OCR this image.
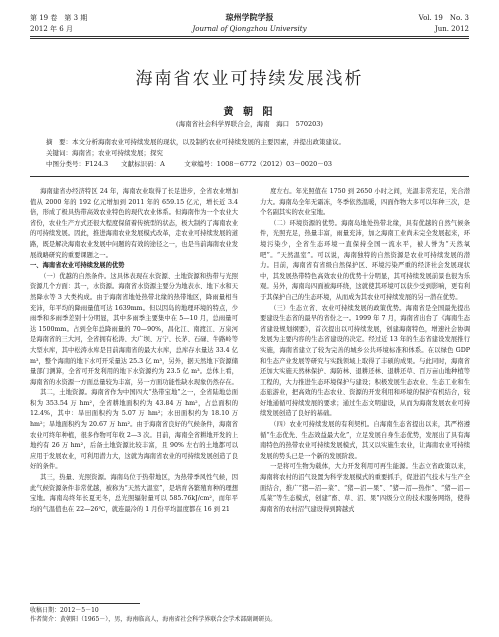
第 19 卷　第 3 期	琼州学院学报	Vol. 19　No. 3
2012 年 6 月	Journal of Qiongzhou University	Jun. 2012
海南省农业可持续发展浅析
黄 朝 阳
(海南省社会科学界联合会，海南　海口　570203)
摘　要：本文分析海南农业可持续发展的现状，以及制约农业可持续发展的主要因素，并提出政策建议。
关键词：海南省；农业可持续发展；探究
中图分类号：F124.3　　文献标识码：A　　　文章编号：1008－6772（2012）03－0020－03

海南建省办经济特区 24 年，海南农业取得了长足进步，全省农业增加值从 2000 年的 192 亿元增加到 2011 年的 659.15 亿元，增长近 3.4 倍，形成了极具热带高效农业特色的现代农业体系。但海南作为一个农业大省份，农业生产方式还很大程度保留着传统型的状态，极大制约了海南农业的可持续发展。因此，推进海南农业发展模式改革，走农业可持续发展的道路，既是解决海南农业发展中问题的有效的途径之一，也是当前海南农业发展战略研究的重要课题之一。

一、海南省农业可持续发展的优势

（一）优越的自然条件。这具体表现在水资源、土地资源和热带与光照资源几个方面：其一，水资源。海南省水资源主要分为地表水、地下水和天然降水等 3 大类构成。由于海南省地处热带北缘的热带地区，降雨量相当充沛，年平均的降雨量值可达 1639mm。但以因岛的地理环境的特点，少雨季和多雨季差别十分明显，其中多雨季主要集中在 5—10 月，总雨量可达 1500mm。占到全年总降雨量的 70—90%，昌化江、南渡江、万泉河是海南省的三大河，全省拥有松涛、大广坝、万宁、长茅、石碌、牛路岭等大型水库，其中松涛水库是目前海南省的最大水库，总库存水量达 33.4 亿 m³，整个海南的地下水可开采量达 25.3 亿 m³，另外，据天然地下资源储量部门测算，全省可开发利用的地下水资源约为 23.5 亿 m³。总体上看，海南省的水资源一方面总量较为丰富，另一方面功能性缺水现象仍然存在。

其二，土地资源。海南省作为中国四大“热带宝地”之一，全省陆地总面积为 353.54 万 hm²，全省耕地面积约为 43.84 万 hm²，占总面积的 12.4%，其中：旱田面积约为 5.07 万 hm²；水田面积约为 18.10 万 hm²；旱地面积约为 20.67 万 hm²。由于海南省良好的气候条件，海南省农业可终年种植，很多作物可年收 2—3 次。目前，海南全省耕地开发的上地约有 26 万 hm²，后备土地资源比较丰富，且 90% 左右的土地都可以应用于发展农业，可利用潜力大，这就为海南省农业的可持续发展创造了良好的条件。

其三，热量、光照资源。海南岛位于热带地区，为热带季风性气候，因此气候资源条件非常优越，被称为“天然大温室”，是培育各繁殖育种的理想宝地。海南岛终年长夏无冬，总光照辐射量可以 585.76kJ/cm²，而年平均的气温值也在 22—26℃，就连最冷的 1 月份平均温度都在 16 到 21

度左右。年光照值在 1750 到 2650 小时之间，光温非常充足，光合潜力大。海南岛全年无霜冻，冬季依然温暖，四面作物大多可以年种三次，是个名副其实的农业宝地。

（二）环境资源的优势。海南岛地处热带北缘，具有优越的自然气候条件，光照充足，热量丰富，雨量充沛，加之海南工业尚未完全发展起来，环境污染少，全省生态环境一直保持全国一流水平，被人誉为“天然氧吧”。“天然温室”。可以说，海南独特的自然资源是农业可持续发展的潜力。目前，海南省有省级自然保护区、环境污染严重的经济社会发展现状中，其发展热带特色高效农业的优势十分明显，其可持续发展前景也很为乐观。另外，海南岛四面被海环绕，这就使其环境可以获少受到影响，更有利于其保护自己的生态环境，从而成为其农业可持续发展的另一潜在优势。

（三）生态立省、农业可持续发展的政策优势。海南省是全国最先提出要建设生态省的最早的省份之一。1999 年 7 月，海南省出台了《海南生态省建设规划纲要》，首次提出以可持续发展，创建海南特色，增速社会协调发展为主要内容的生态省建设的决定。经过近 13 年的生态省建设发展推行实施，海南省建立了较为完善的城乡公共环境标准和体系。在以绿色 GDP 和生态产业发展等研究与实践领域上取得了丰硕的成果。与此同时，海南省还加大实施天然林保护、海防林、退耕还林、退耕还草、百万亩山地种植等工程的，大力推进生态环境保护与建设；积极发展生态农业、生态工业和生态旅游业，把高效的生态农业、资源的开发利用和环境的保护有机结合，较好地通循可持续发展的要求；通过生态文明建设，从而为海南发展农业可持续发展创造了良好的基础。

（四）农业可持续发展的有利契机。自海南生态省提出以来，其严格遵循“生态优先、生态效益最大化”，立足发展自身生态优势，发展出了具有海南特色的热带农业可持续发展模式，其又以实施生农业，让海南农业可持续发展的势头已是一个新的发展阶段。

一是将可生物为载体，大力开发利用可再生能源。生态立省政策以来，海南将农村的沼气设置为科学发展模式的重要抓手，促进沼气技术与生产全面结合，推广“猪—沼—菜”、“猪—沼—果”、“猪—沼—热作”、“猪—沼—瓜菜”等生态模式，创建“畜、草、沼、果”四级分立的技术服务网络，使得海南省的农村沼气建设得到跨越式

收稿日期：2012－5－10
作者简介：黄朝阳（1965－），男，海南临高人，海南省社会科学界联合会学术部副调研员。
